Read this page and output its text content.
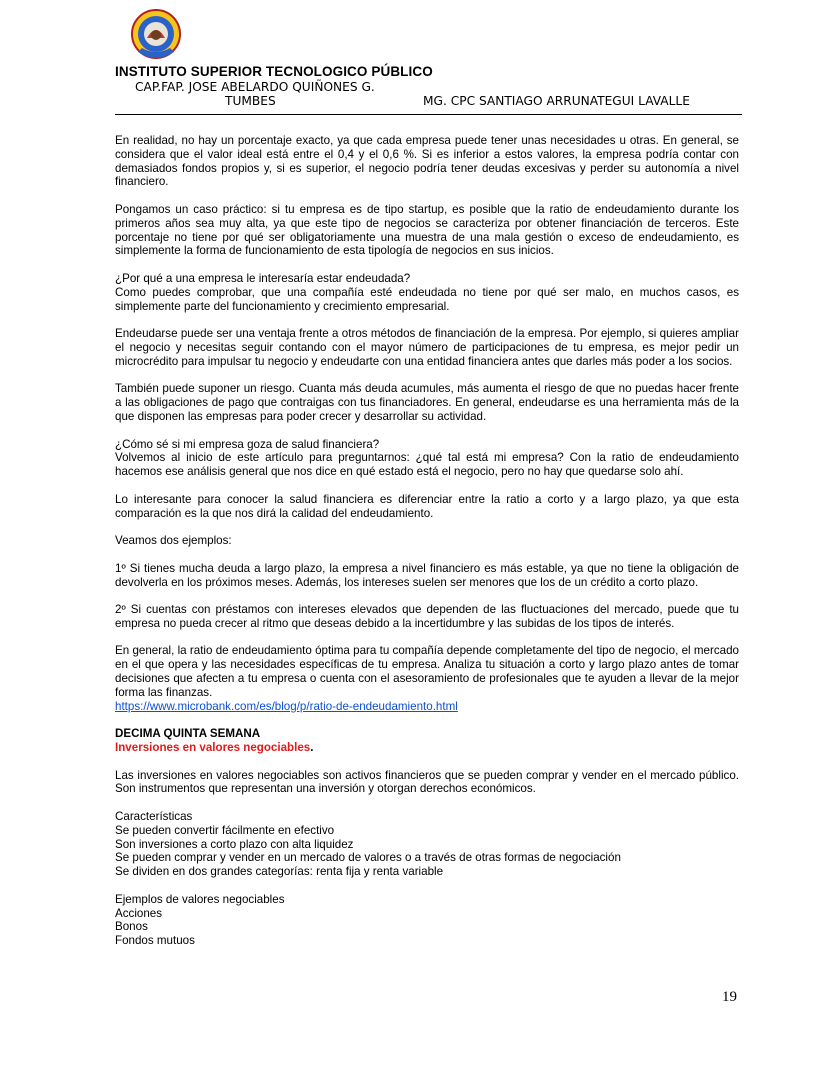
INSTITUTO SUPERIOR TECNOLOGICO PÚBLICO
CAP.FAP. JOSE ABELARDO QUIÑONES G.
TUMBES	MG. CPC SANTIAGO ARRUNATEGUI LAVALLE

En realidad, no hay un porcentaje exacto, ya que cada empresa puede tener unas necesidades u otras. En general, se considera que el valor ideal está entre el 0,4 y el 0,6 %. Si es inferior a estos valores, la empresa podría contar con demasiados fondos propios y, si es superior, el negocio podría tener deudas excesivas y perder su autonomía a nivel financiero.

Pongamos un caso práctico: si tu empresa es de tipo startup, es posible que la ratio de endeudamiento durante los primeros años sea muy alta, ya que este tipo de negocios se caracteriza por obtener financiación de terceros. Este porcentaje no tiene por qué ser obligatoriamente una muestra de una mala gestión o exceso de endeudamiento, es simplemente la forma de funcionamiento de esta tipología de negocios en sus inicios.

¿Por qué a una empresa le interesaría estar endeudada?

Como puedes comprobar, que una compañía esté endeudada no tiene por qué ser malo, en muchos casos, es simplemente parte del funcionamiento y crecimiento empresarial.

Endeudarse puede ser una ventaja frente a otros métodos de financiación de la empresa. Por ejemplo, si quieres ampliar el negocio y necesitas seguir contando con el mayor número de participaciones de tu empresa, es mejor pedir un microcrédito para impulsar tu negocio y endeudarte con una entidad financiera antes que darles más poder a los socios.

También puede suponer un riesgo. Cuanta más deuda acumules, más aumenta el riesgo de que no puedas hacer frente a las obligaciones de pago que contraigas con tus financiadores. En general, endeudarse es una herramienta más de la que disponen las empresas para poder crecer y desarrollar su actividad.

¿Cómo sé si mi empresa goza de salud financiera?

Volvemos al inicio de este artículo para preguntarnos: ¿qué tal está mi empresa? Con la ratio de endeudamiento hacemos ese análisis general que nos dice en qué estado está el negocio, pero no hay que quedarse solo ahí.

Lo interesante para conocer la salud financiera es diferenciar entre la ratio a corto y a largo plazo, ya que esta comparación es la que nos dirá la calidad del endeudamiento.

Veamos dos ejemplos:

1º Si tienes mucha deuda a largo plazo, la empresa a nivel financiero es más estable, ya que no tiene la obligación de devolverla en los próximos meses. Además, los intereses suelen ser menores que los de un crédito a corto plazo.

2º Si cuentas con préstamos con intereses elevados que dependen de las fluctuaciones del mercado, puede que tu empresa no pueda crecer al ritmo que deseas debido a la incertidumbre y las subidas de los tipos de interés.

En general, la ratio de endeudamiento óptima para tu compañía depende completamente del tipo de negocio, el mercado en el que opera y las necesidades específicas de tu empresa. Analiza tu situación a corto y largo plazo antes de tomar decisiones que afecten a tu empresa o cuenta con el asesoramiento de profesionales que te ayuden a llevar de la mejor forma las finanzas.

https://www.microbank.com/es/blog/p/ratio-de-endeudamiento.html

DECIMA QUINTA SEMANA

Inversiones en valores negociables.

Las inversiones en valores negociables son activos financieros que se pueden comprar y vender en el mercado público. Son instrumentos que representan una inversión y otorgan derechos económicos.

Características

Se pueden convertir fácilmente en efectivo

Son inversiones a corto plazo con alta liquidez

Se pueden comprar y vender en un mercado de valores o a través de otras formas de negociación

Se dividen en dos grandes categorías: renta fija y renta variable

Ejemplos de valores negociables

Acciones

Bonos

Fondos mutuos

19
